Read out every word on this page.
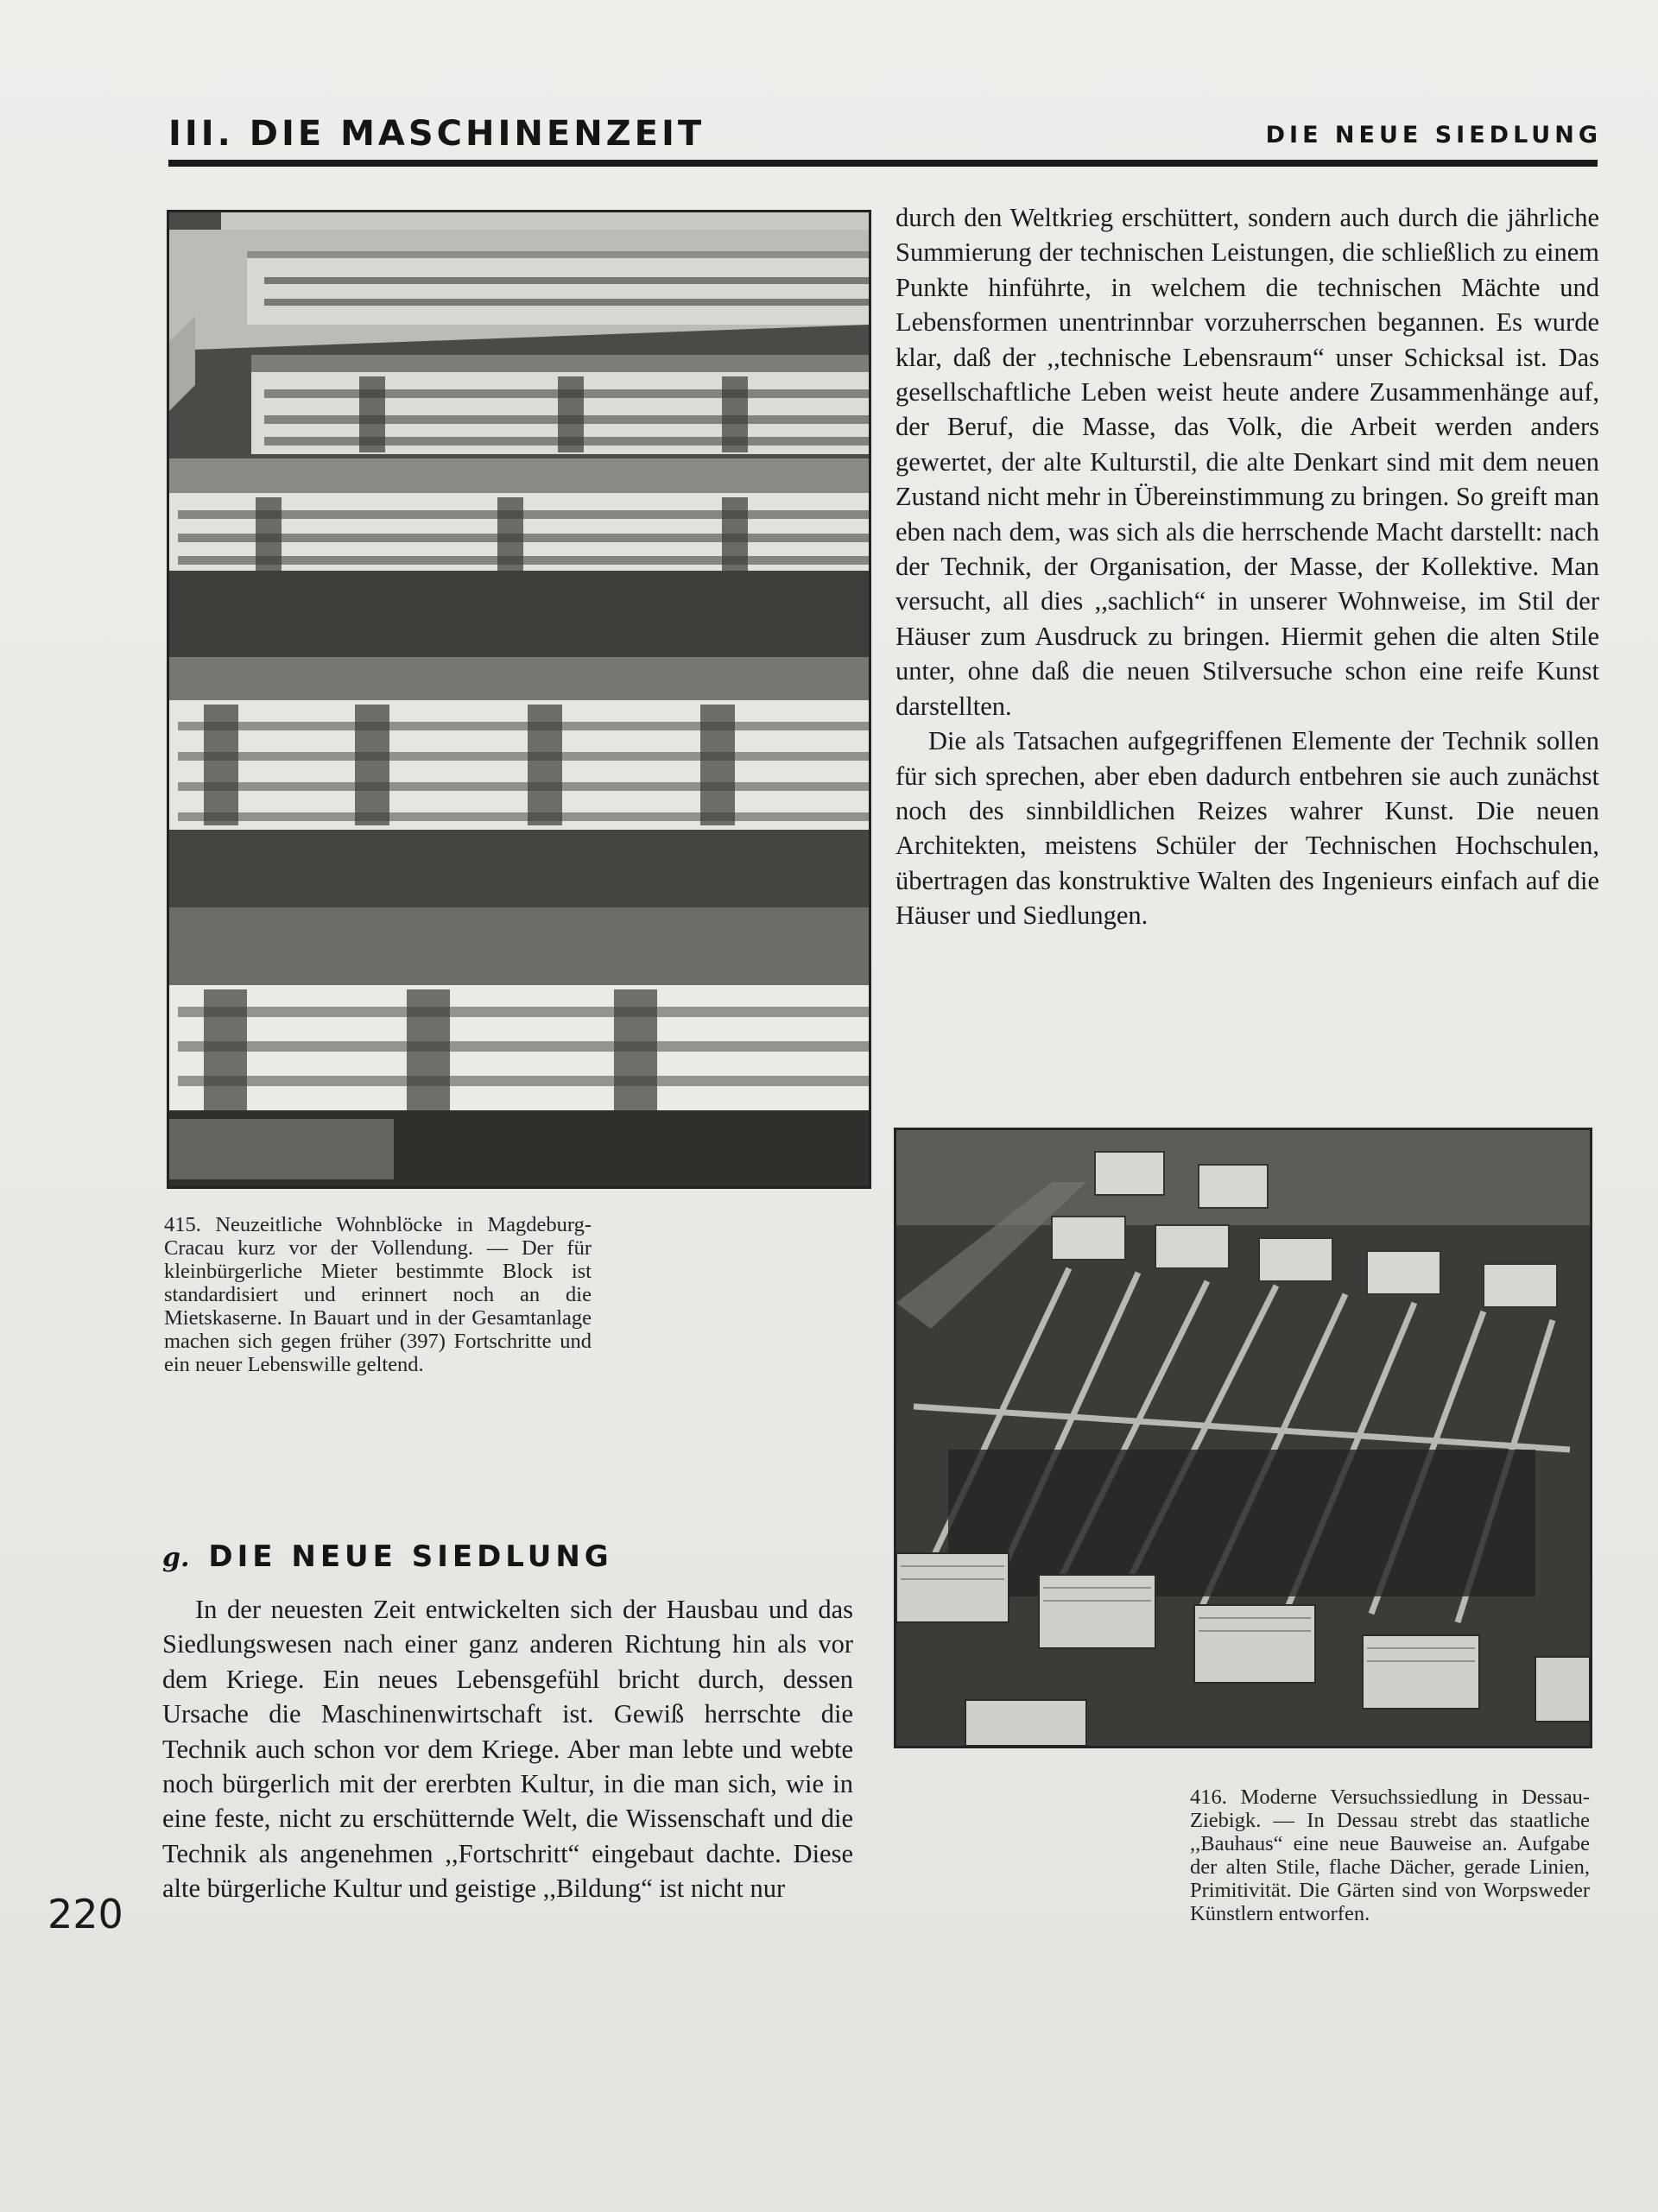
III. DIE MASCHINENZEIT	DIE NEUE SIEDLUNG
415. Neuzeitliche Wohnblöcke in Magdeburg-Cracau kurz vor der Vollendung. — Der für kleinbürgerliche Mieter bestimmte Block ist standardisiert und erinnert noch an die Mietskaserne. In Bauart und in der Gesamtanlage machen sich gegen früher (397) Fortschritte und ein neuer Lebenswille geltend.

durch den Weltkrieg erschüttert, sondern auch durch die jährliche Summierung der technischen Leistungen, die schließlich zu einem Punkte hinführte, in welchem die technischen Mächte und Lebensformen unentrinnbar vorzuherrschen begannen. Es wurde klar, daß der ,,technische Lebensraum“ unser Schicksal ist. Das gesellschaftliche Leben weist heute andere Zusammenhänge auf, der Beruf, die Masse, das Volk, die Arbeit werden anders gewertet, der alte Kulturstil, die alte Denkart sind mit dem neuen Zustand nicht mehr in Übereinstimmung zu bringen. So greift man eben nach dem, was sich als die herrschende Macht darstellt: nach der Technik, der Organisation, der Masse, der Kollektive. Man versucht, all dies ,,sachlich“ in unserer Wohnweise, im Stil der Häuser zum Ausdruck zu bringen. Hiermit gehen die alten Stile unter, ohne daß die neuen Stilversuche schon eine reife Kunst darstellten.

Die als Tatsachen aufgegriffenen Elemente der Technik sollen für sich sprechen, aber eben dadurch entbehren sie auch zunächst noch des sinnbildlichen Reizes wahrer Kunst. Die neuen Architekten, meistens Schüler der Technischen Hochschulen, übertragen das konstruktive Walten des Ingenieurs einfach auf die Häuser und Siedlungen.

416. Moderne Versuchssiedlung in Dessau-Ziebigk. — In Dessau strebt das staatliche ,,Bauhaus“ eine neue Bauweise an. Aufgabe der alten Stile, flache Dächer, gerade Linien, Primitivität. Die Gärten sind von Worpsweder Künstlern entworfen.
g. DIE NEUE SIEDLUNG

In der neuesten Zeit entwickelten sich der Hausbau und das Siedlungswesen nach einer ganz anderen Richtung hin als vor dem Kriege. Ein neues Lebensgefühl bricht durch, dessen Ursache die Maschinenwirtschaft ist. Gewiß herrschte die Technik auch schon vor dem Kriege. Aber man lebte und webte noch bürgerlich mit der ererbten Kultur, in die man sich, wie in eine feste, nicht zu erschütternde Welt, die Wissenschaft und die Technik als angenehmen ,,Fortschritt“ eingebaut dachte. Diese alte bürgerliche Kultur und geistige ,,Bildung“ ist nicht nur

220
